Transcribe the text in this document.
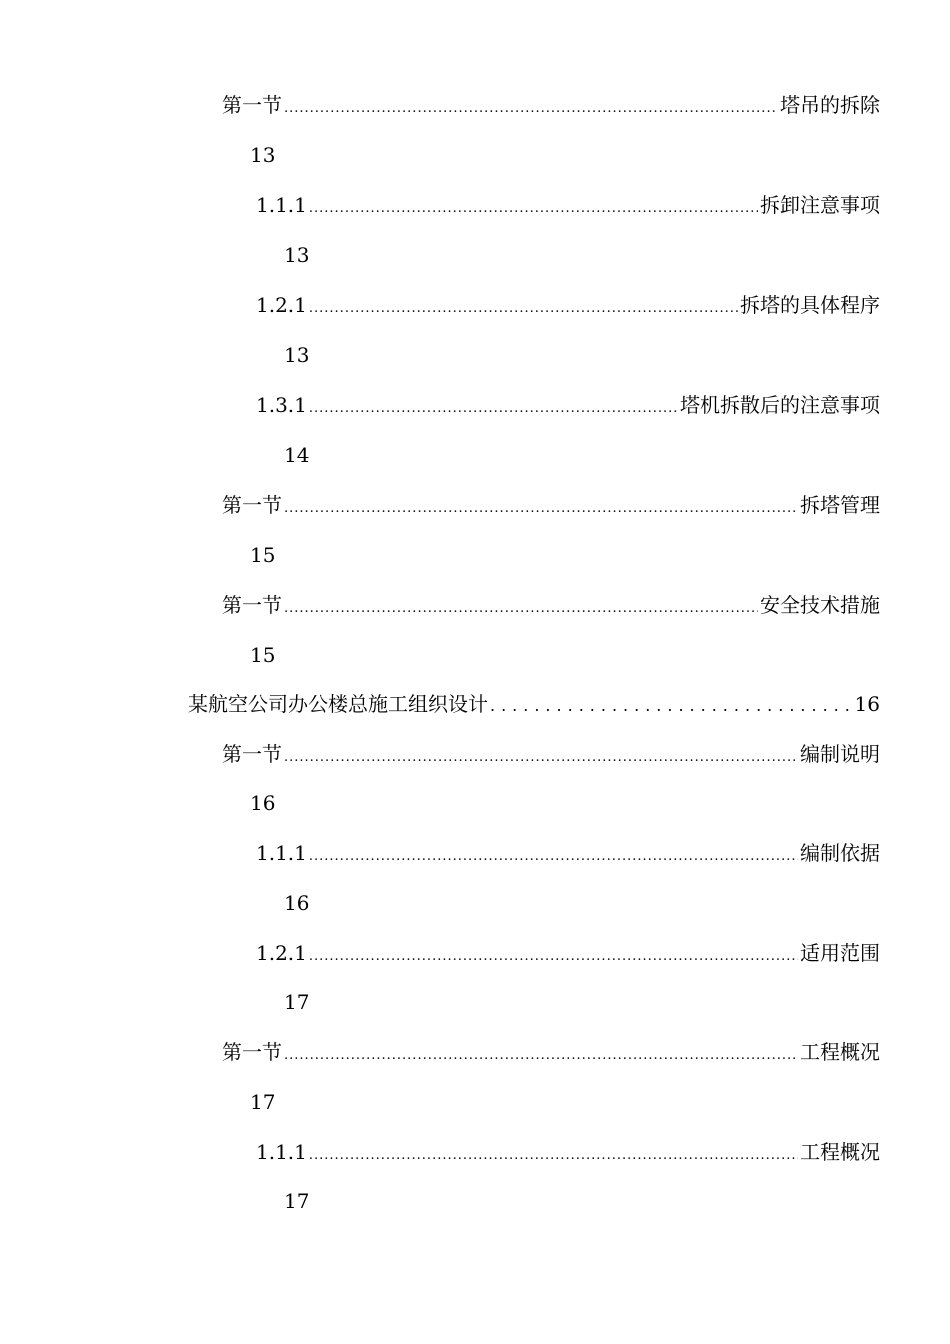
第一节 .....	塔吊的拆除
13
1.1.1 .....	拆卸注意事项
13
1.2.1 .....	拆塔的具体程序
13
1.3.1 .....	塔机拆散后的注意事项
14
第一节 .....	拆塔管理
15
第一节 .....	安全技术措施
15
某航空公司办公楼总施工组织设计 .....	16
第一节 .....	编制说明
16
1.1.1 .....	编制依据
16
1.2.1 .....	适用范围
17
第一节 .....	工程概况
17
1.1.1 .....	工程概况
17
